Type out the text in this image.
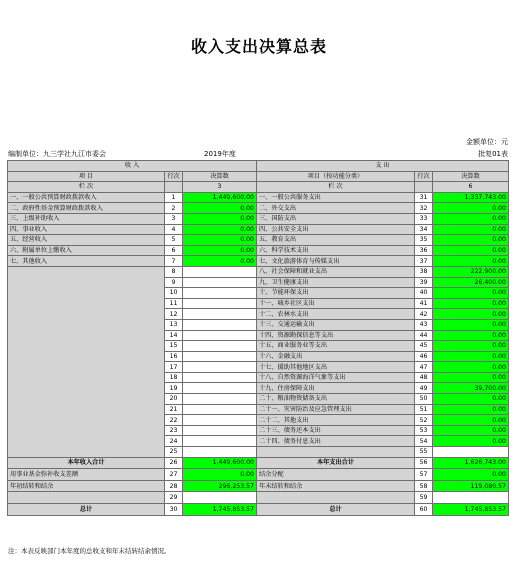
收入支出决算总表
金额单位：元
编制单位：九三学社九江市委会	2019年度	批复01表
收 入			支 出		
项 目	行次	决算数	项目（按功能分类）	行次	决算数
栏 次		3	栏 次		6
一、一般公共预算财政拨款收入	1	1,449,600.00	一、一般公共服务支出	31	1,337,743.00
二、政府性基金预算财政拨款收入	2	0.00	二、外交支出	32	0.00
三、上级补助收入	3	0.00	三、国防支出	33	0.00
四、事业收入	4	0.00	四、公共安全支出	34	0.00
五、经营收入	5	0.00	五、教育支出	35	0.00
六、附属单位上缴收入	6	0.00	六、科学技术支出	36	0.00
七、其他收入	7	0.00	七、文化旅游体育与传媒支出	37	0.00
	8		八、社会保障和就业支出	38	222,900.00
	9		九、卫生健康支出	39	26,400.00
	10		十、节能环保支出	40	0.00
	11		十一、城乡社区支出	41	0.00
	12		十二、农林水支出	42	0.00
	13		十三、交通运输支出	43	0.00
	14		十四、资源勘探信息等支出	44	0.00
	15		十五、商业服务业等支出	45	0.00
	16		十六、金融支出	46	0.00
	17		十七、援助其他地区支出	47	0.00
	18		十八、自然资源海洋气象等支出	48	0.00
	19		十九、住房保障支出	49	39,700.00
	20		二十、粮油物资储备支出	50	0.00
	21		二十一、灾害防治及应急管理支出	51	0.00
	22		二十二、其他支出	52	0.00
	23		二十三、债务还本支出	53	0.00
	24		二十四、债务付息支出	54	0.00
	25			55	
本年收入合计	26	1,449,600.00	本年支出合计	56	1,626,743.00
用事业基金弥补收支差额	27	0.00	结余分配	57	0.00
年初结转和结余	28	296,253.57	年末结转和结余	58	119,080.57
	29			59	
总计	30	1,745,853.57	总计	60	1,745,853.57
注：本表反映部门本年度的总收支和年末结转结余情况。
